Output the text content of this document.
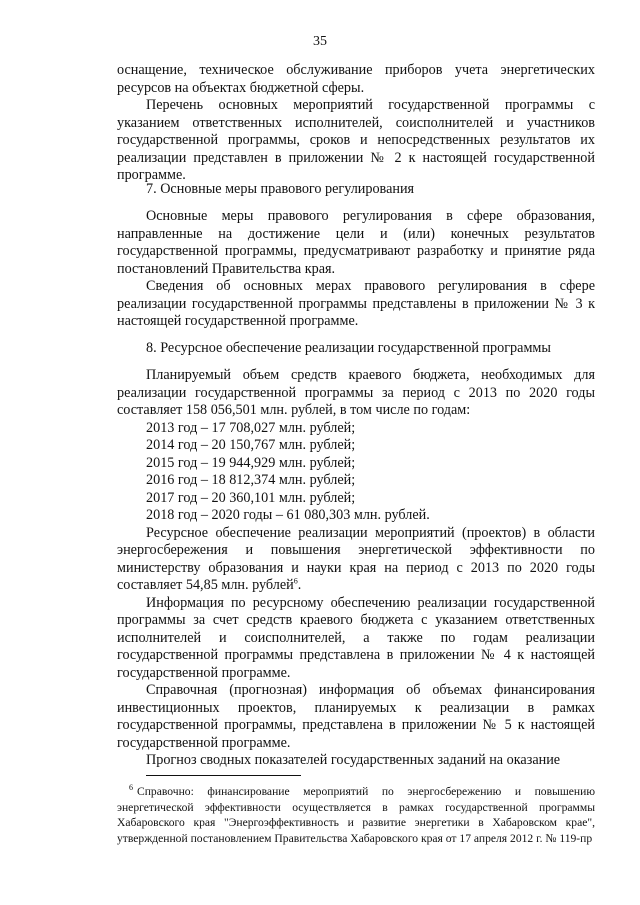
35

оснащение, техническое обслуживание приборов учета энергетических ресурсов на объектах бюджетной сферы.

Перечень основных мероприятий государственной программы с указанием ответственных исполнителей, соисполнителей и участников государственной программы, сроков и непосредственных результатов их реализации представлен в приложении № 2 к настоящей государственной программе.

7. Основные меры правового регулирования

Основные меры правового регулирования в сфере образования, направленные на достижение цели и (или) конечных результатов государственной программы, предусматривают разработку и принятие ряда постановлений Правительства края.

Сведения об основных мерах правового регулирования в сфере реализации государственной программы представлены в приложении № 3 к настоящей государственной программе.

8. Ресурсное обеспечение реализации государственной программы

Планируемый объем средств краевого бюджета, необходимых для реализации государственной программы за период с 2013 по 2020 годы составляет 158 056,501 млн. рублей, в том числе по годам:

2013 год – 17 708,027 млн. рублей;

2014 год – 20 150,767 млн. рублей;

2015 год – 19 944,929 млн. рублей;

2016 год – 18 812,374 млн. рублей;

2017 год – 20 360,101 млн. рублей;

2018 год – 2020 годы – 61 080,303 млн. рублей.

Ресурсное обеспечение реализации мероприятий (проектов) в области энергосбережения и повышения энергетической эффективности по министерству образования и науки края на период с 2013 по 2020 годы составляет 54,85 млн. рублей$^6$.

Информация по ресурсному обеспечению реализации государственной программы за счет средств краевого бюджета с указанием ответственных исполнителей и соисполнителей, а также по годам реализации государственной программы представлена в приложении № 4 к настоящей государственной программе.

Справочная (прогнозная) информация об объемах финансирования инвестиционных проектов, планируемых к реализации в рамках государственной программы, представлена в приложении № 5 к настоящей государственной программе.

Прогноз сводных показателей государственных заданий на оказание

$^6$ Справочно: финансирование мероприятий по энергосбережению и повышению энергетической эффективности осуществляется в рамках государственной программы Хабаровского края "Энергоэффективность и развитие энергетики в Хабаровском крае", утвержденной постановлением Правительства Хабаровского края от 17 апреля 2012 г. № 119-пр
